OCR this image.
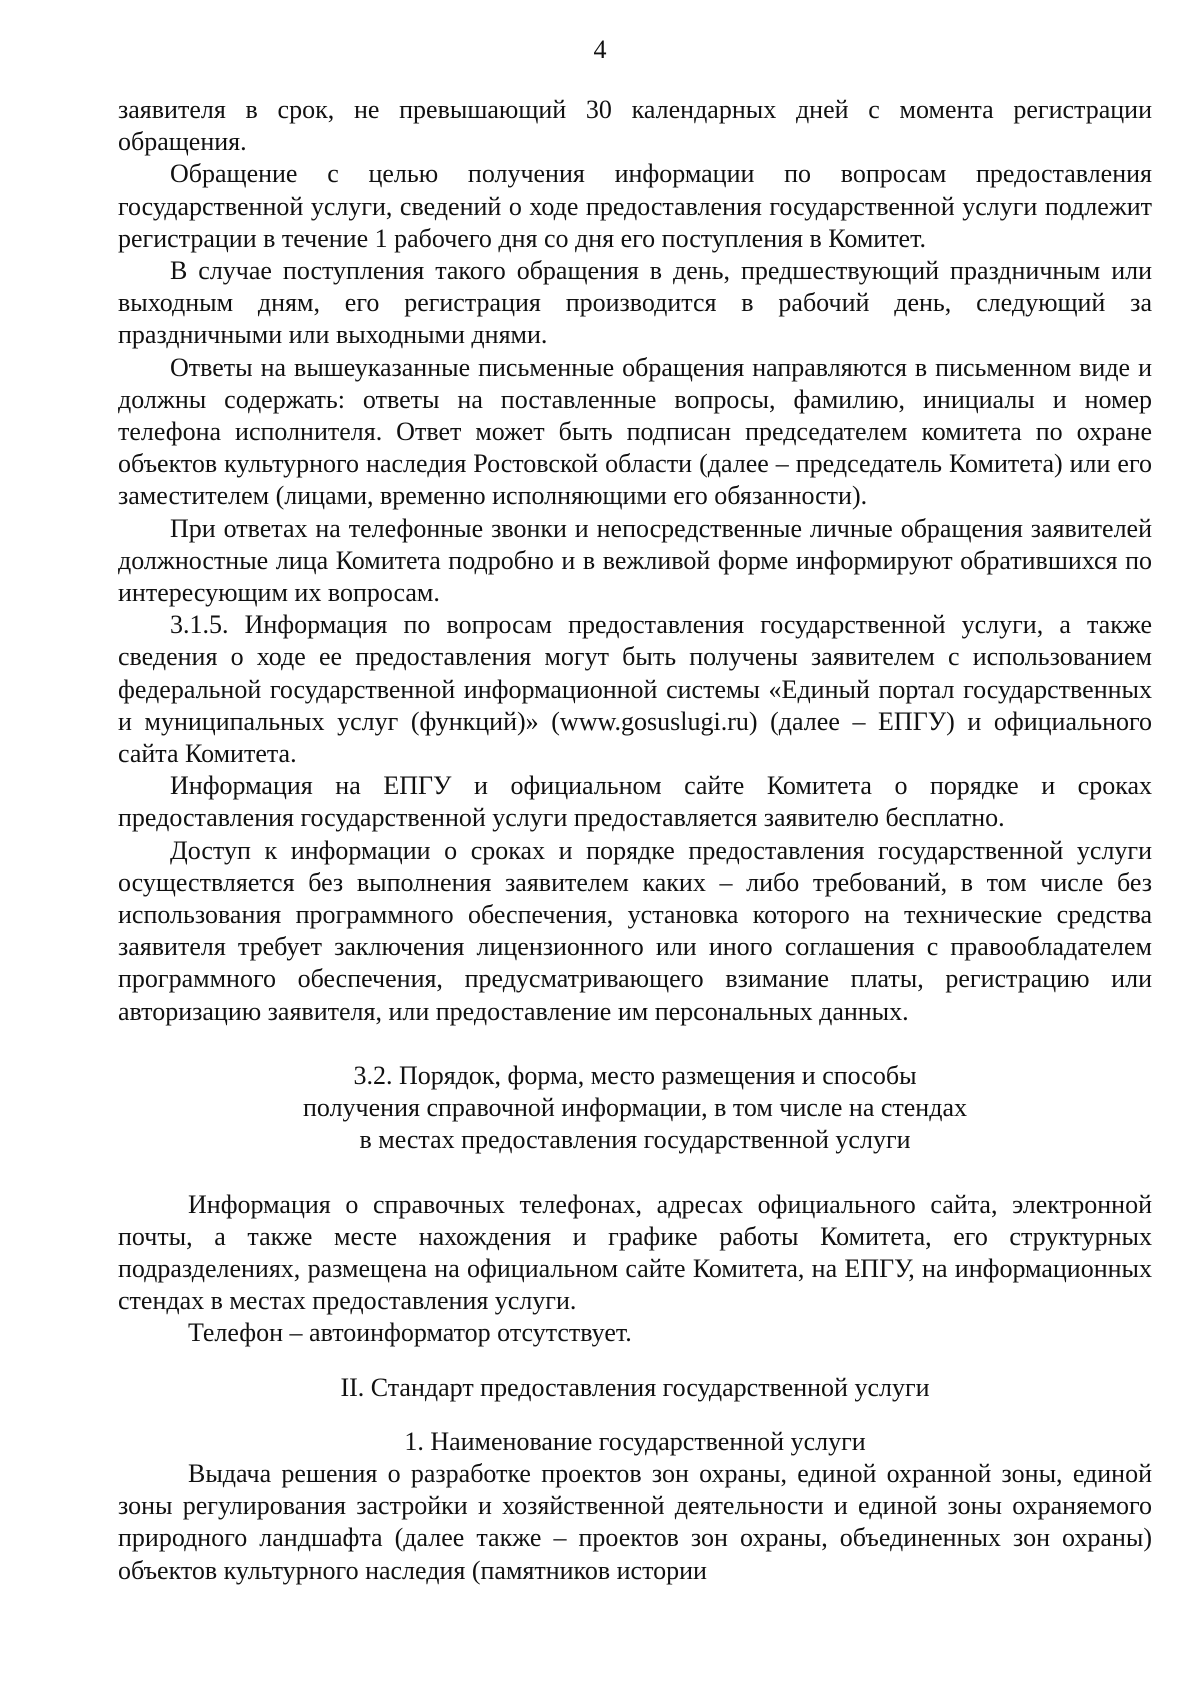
4

заявителя в срок, не превышающий 30 календарных дней с момента регистрации обращения.

Обращение с целью получения информации по вопросам предоставления государственной услуги, сведений о ходе предоставления государственной услуги подлежит регистрации в течение 1 рабочего дня со дня его поступления в Комитет.

В случае поступления такого обращения в день, предшествующий праздничным или выходным дням, его регистрация производится в рабочий день, следующий за праздничными или выходными днями.

Ответы на вышеуказанные письменные обращения направляются в письменном виде и должны содержать: ответы на поставленные вопросы, фамилию, инициалы и номер телефона исполнителя. Ответ может быть подписан председателем комитета по охране объектов культурного наследия Ростовской области (далее – председатель Комитета) или его заместителем (лицами, временно исполняющими его обязанности).

При ответах на телефонные звонки и непосредственные личные обращения заявителей должностные лица Комитета подробно и в вежливой форме информируют обратившихся по интересующим их вопросам.

3.1.5. Информация по вопросам предоставления государственной услуги, а также сведения о ходе ее предоставления могут быть получены заявителем с использованием федеральной государственной информационной системы «Единый портал государственных и муниципальных услуг (функций)» (www.gosuslugi.ru) (далее – ЕПГУ) и официального сайта Комитета.

Информация на ЕПГУ и официальном сайте Комитета о порядке и сроках предоставления государственной услуги предоставляется заявителю бесплатно.

Доступ к информации о сроках и порядке предоставления государственной услуги осуществляется без выполнения заявителем каких – либо требований, в том числе без использования программного обеспечения, установка которого на технические средства заявителя требует заключения лицензионного или иного соглашения с правообладателем программного обеспечения, предусматривающего взимание платы, регистрацию или авторизацию заявителя, или предоставление им персональных данных.

3.2. Порядок, форма, место размещения и способы

получения справочной информации, в том числе на стендах

в местах предоставления государственной услуги

Информация о справочных телефонах, адресах официального сайта, электронной почты, а также месте нахождения и графике работы Комитета, его структурных подразделениях, размещена на официальном сайте Комитета, на ЕПГУ, на информационных стендах в местах предоставления услуги.

Телефон – автоинформатор отсутствует.

II. Стандарт предоставления государственной услуги

1. Наименование государственной услуги

Выдача решения о разработке проектов зон охраны, единой охранной зоны, единой зоны регулирования застройки и хозяйственной деятельности и единой зоны охраняемого природного ландшафта (далее также – проектов зон охраны, объединенных зон охраны) объектов культурного наследия (памятников истории
